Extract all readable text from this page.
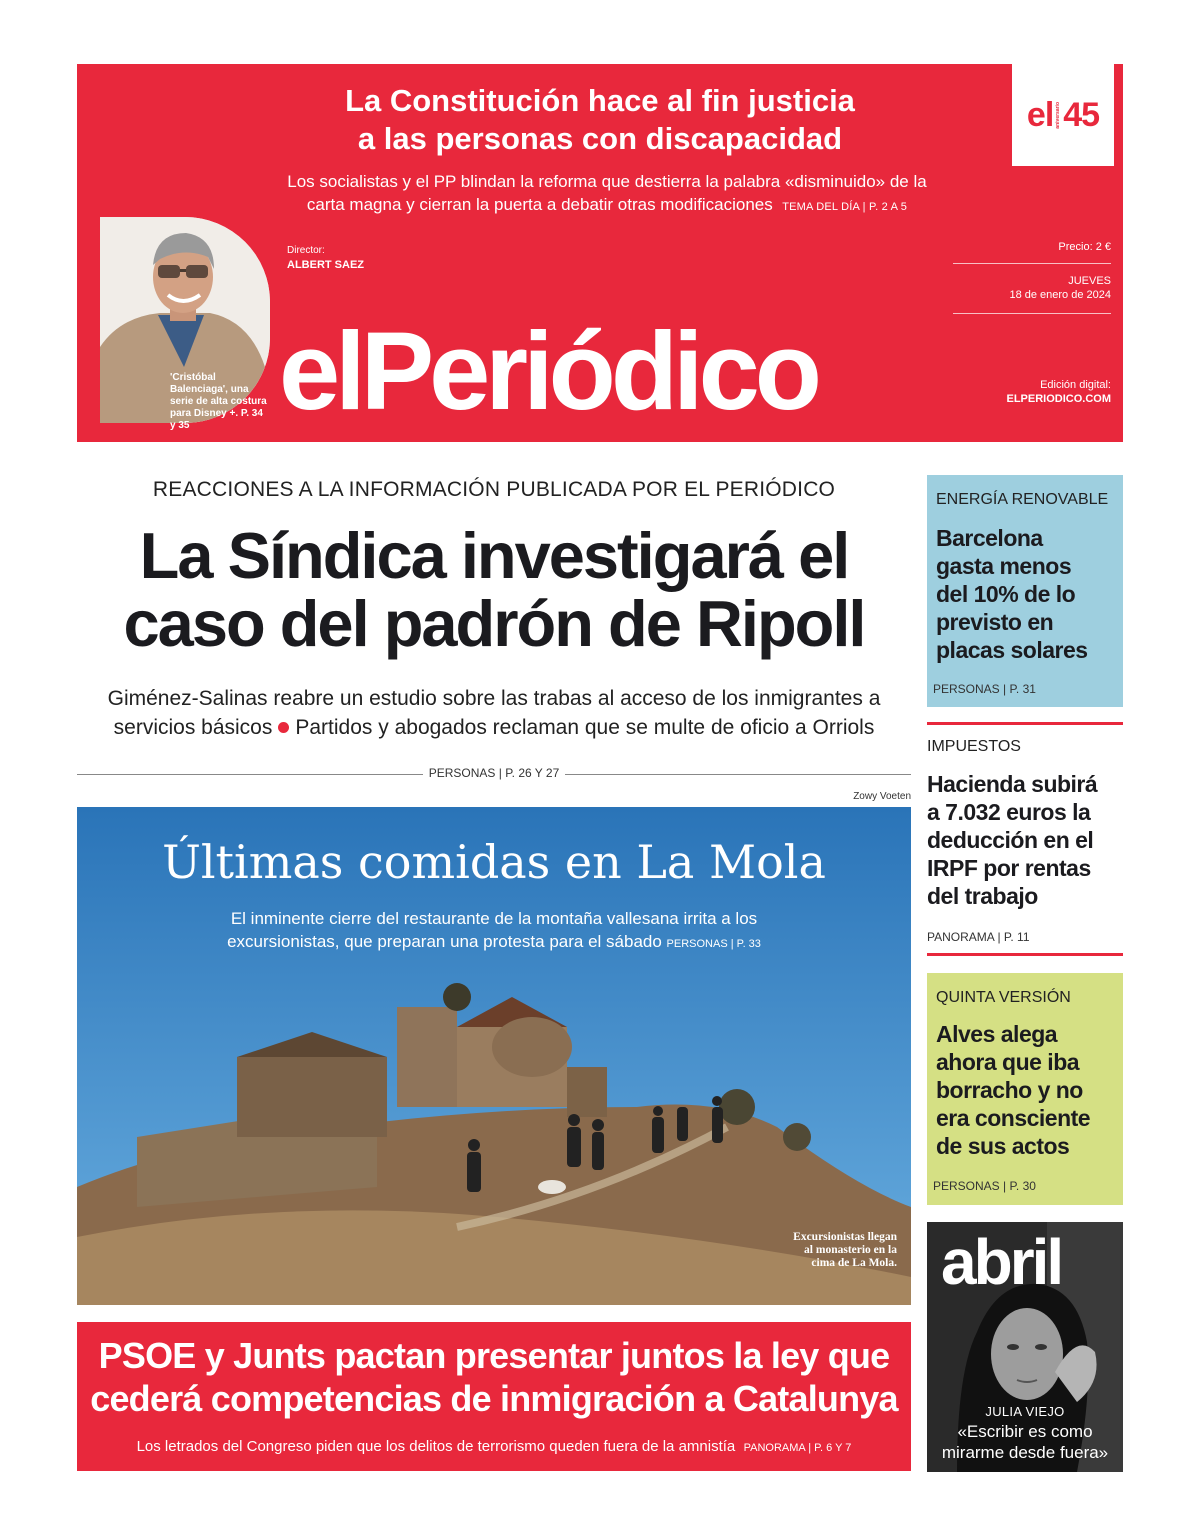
La Constitución hace al fin justicia
a las personas con discapacidad
Los socialistas y el PP blindan la reforma que destierra la palabra «disminuido» de la
carta magna y cierran la puerta a debatir otras modificaciones TEMA DEL DÍA | P. 2 A 5
el aniversario 45
'Cristóbal Balenciaga', una serie de alta costura para Disney +. P. 34 y 35
Director:
ALBERT SAEZ
elPeriódico
Precio: 2 €
JUEVES
18 de enero de 2024
Edición digital:
ELPERIODICO.COM
REACCIONES A LA INFORMACIÓN PUBLICADA POR EL PERIÓDICO
La Síndica investigará el
caso del padrón de Ripoll
Giménez-Salinas reabre un estudio sobre las trabas al acceso de los inmigrantes a
servicios básicos Partidos y abogados reclaman que se multe de oficio a Orriols
PERSONAS | P. 26 Y 27
Zowy Voeten
Últimas comidas en La Mola
El inminente cierre del restaurante de la montaña vallesana irrita a los
excursionistas, que preparan una protesta para el sábado PERSONAS | P. 33
Excursionistas llegan al monasterio en la cima de La Mola.
PSOE y Junts pactan presentar juntos la ley que
cederá competencias de inmigración a Catalunya
Los letrados del Congreso piden que los delitos de terrorismo queden fuera de la amnistía PANORAMA | P. 6 Y 7
ENERGÍA RENOVABLE
Barcelona
gasta menos
del 10% de lo
previsto en
placas solares
PERSONAS | P. 31
IMPUESTOS
Hacienda subirá
a 7.032 euros la
deducción en el
IRPF por rentas
del trabajo
PANORAMA | P. 11
QUINTA VERSIÓN
Alves alega
ahora que iba
borracho y no
era consciente
de sus actos
PERSONAS | P. 30
abril
JULIA VIEJO
«Escribir es como
mirarme desde fuera»
